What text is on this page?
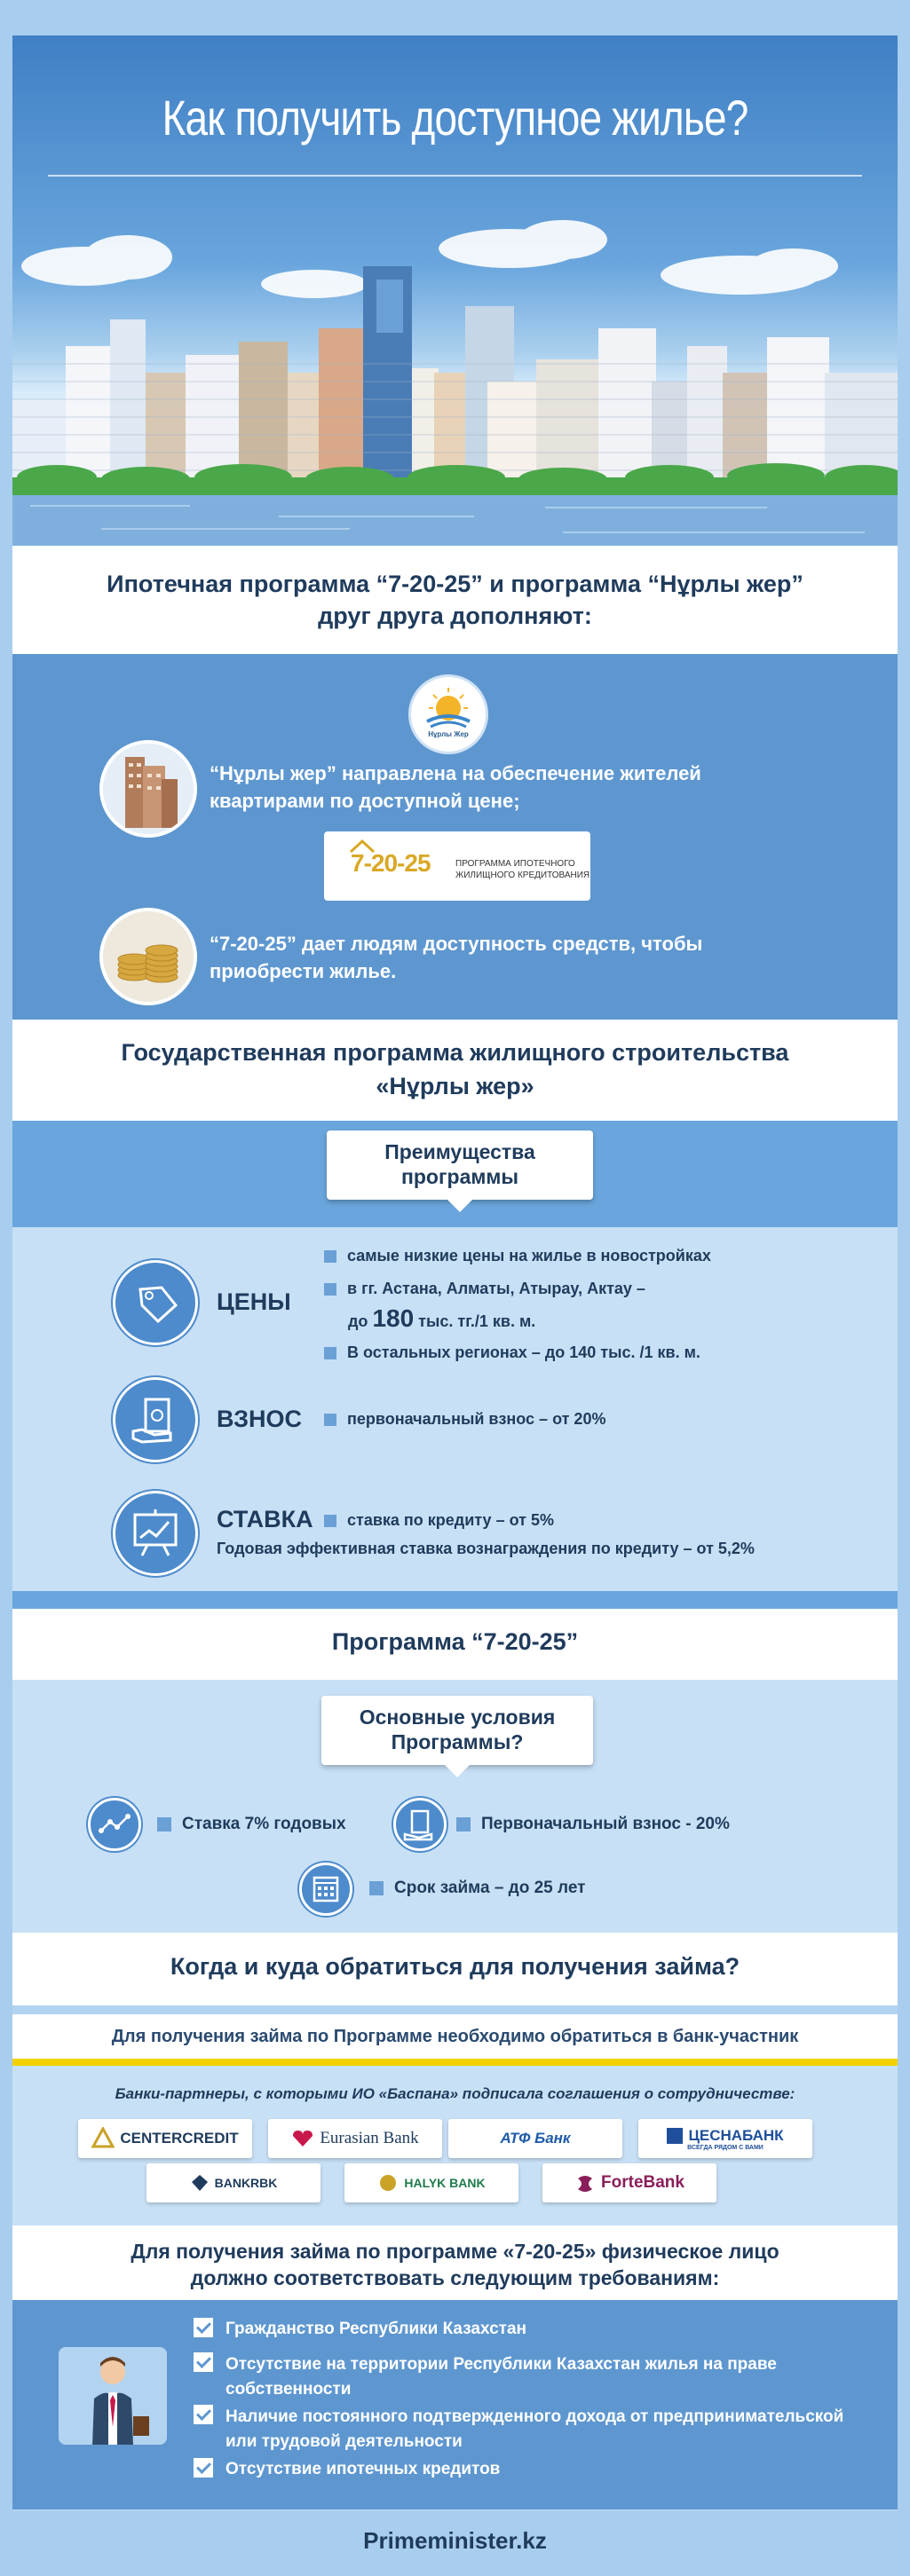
Как получить доступное жилье?
Ипотечная программа “7-20-25” и программа “Нұрлы жер”
друг друга дополняют:
Нұрлы Жер
“Нұрлы жер” направлена на обеспечение жителей
квартирами по доступной цене;
7-20-25	ПРОГРАММА ИПОТЕЧНОГО
ЖИЛИЩНОГО КРЕДИТОВАНИЯ
“7-20-25” дает людям доступность средств, чтобы
приобрести жилье.
Государственная программа жилищного строительства
«Нұрлы жер»
Преимущества
программы
ЦЕНЫ
самые низкие цены на жилье в новостройках
в гг. Астана, Алматы, Атырау, Актау –
до 180 тыс. тг./1 кв. м.
В остальных регионах – до 140 тыс. /1 кв. м.
ВЗНОС	первоначальный взнос – от 20%
СТАВКА	ставка по кредиту – от 5%
Годовая эффективная ставка вознаграждения по кредиту – от 5,2%
Программа “7-20-25”
Основные условия
Программы?
Ставка 7% годовых	Первоначальный взнос - 20%
Срок займа – до 25 лет
Когда и куда обратиться для получения займа?
Для получения займа по Программе необходимо обратиться в банк-участник
Банки-партнеры, с которыми ИО «Баспана» подписала соглашения о сотрудничестве:
CENTERCREDIT	Eurasian Bank	АТФ Банк	ЦЕСНАБАНК
ВСЕГДА РЯДОМ С ВАМИ
BANKRBK	HALYK BANK	ForteBank
Для получения займа по программе «7-20-25» физическое лицо
должно соответствовать следующим требованиям:
Гражданство Республики Казахстан
Отсутствие на территории Республики Казахстан жилья на праве
собственности
Наличие постоянного подтвержденного дохода от предпринимательской
или трудовой деятельности
Отсутствие ипотечных кредитов
Primeminister.kz
